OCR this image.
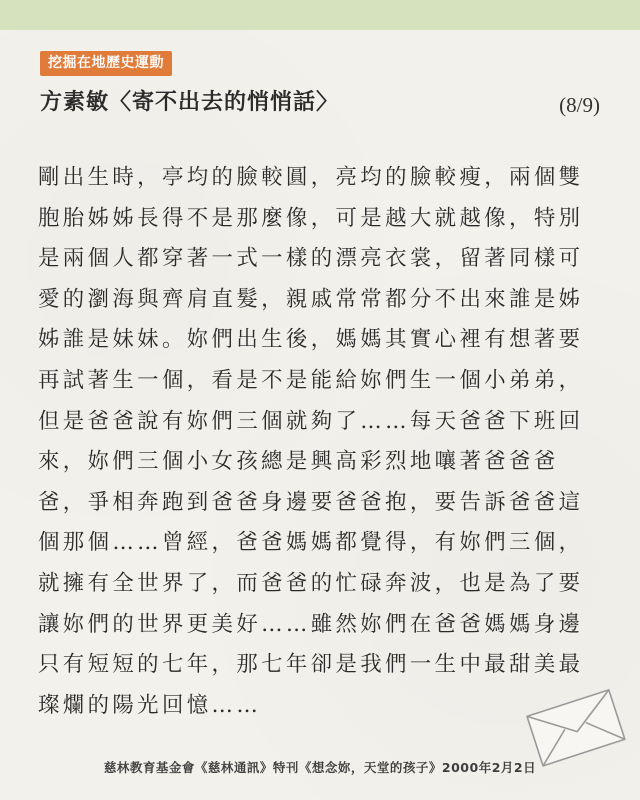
挖掘在地歷史運動
方素敏〈寄不出去的悄悄話〉	(8/9)
剛出生時，亭均的臉較圓，亮均的臉較瘦，兩個雙
胞胎姊姊長得不是那麼像，可是越大就越像，特別
是兩個人都穿著一式一樣的漂亮衣裳，留著同樣可
愛的瀏海與齊肩直髮，親戚常常都分不出來誰是姊
姊誰是妹妹。妳們出生後，媽媽其實心裡有想著要
再試著生一個，看是不是能給妳們生一個小弟弟，
但是爸爸說有妳們三個就夠了……每天爸爸下班回
來，妳們三個小女孩總是興高彩烈地嚷著爸爸爸
爸，爭相奔跑到爸爸身邊要爸爸抱，要告訴爸爸這
個那個……曾經，爸爸媽媽都覺得，有妳們三個，
就擁有全世界了，而爸爸的忙碌奔波，也是為了要
讓妳們的世界更美好……雖然妳們在爸爸媽媽身邊
只有短短的七年，那七年卻是我們一生中最甜美最
璨爛的陽光回憶……
慈林教育基金會《慈林通訊》特刊《想念妳，天堂的孩子》2000年2月2日
